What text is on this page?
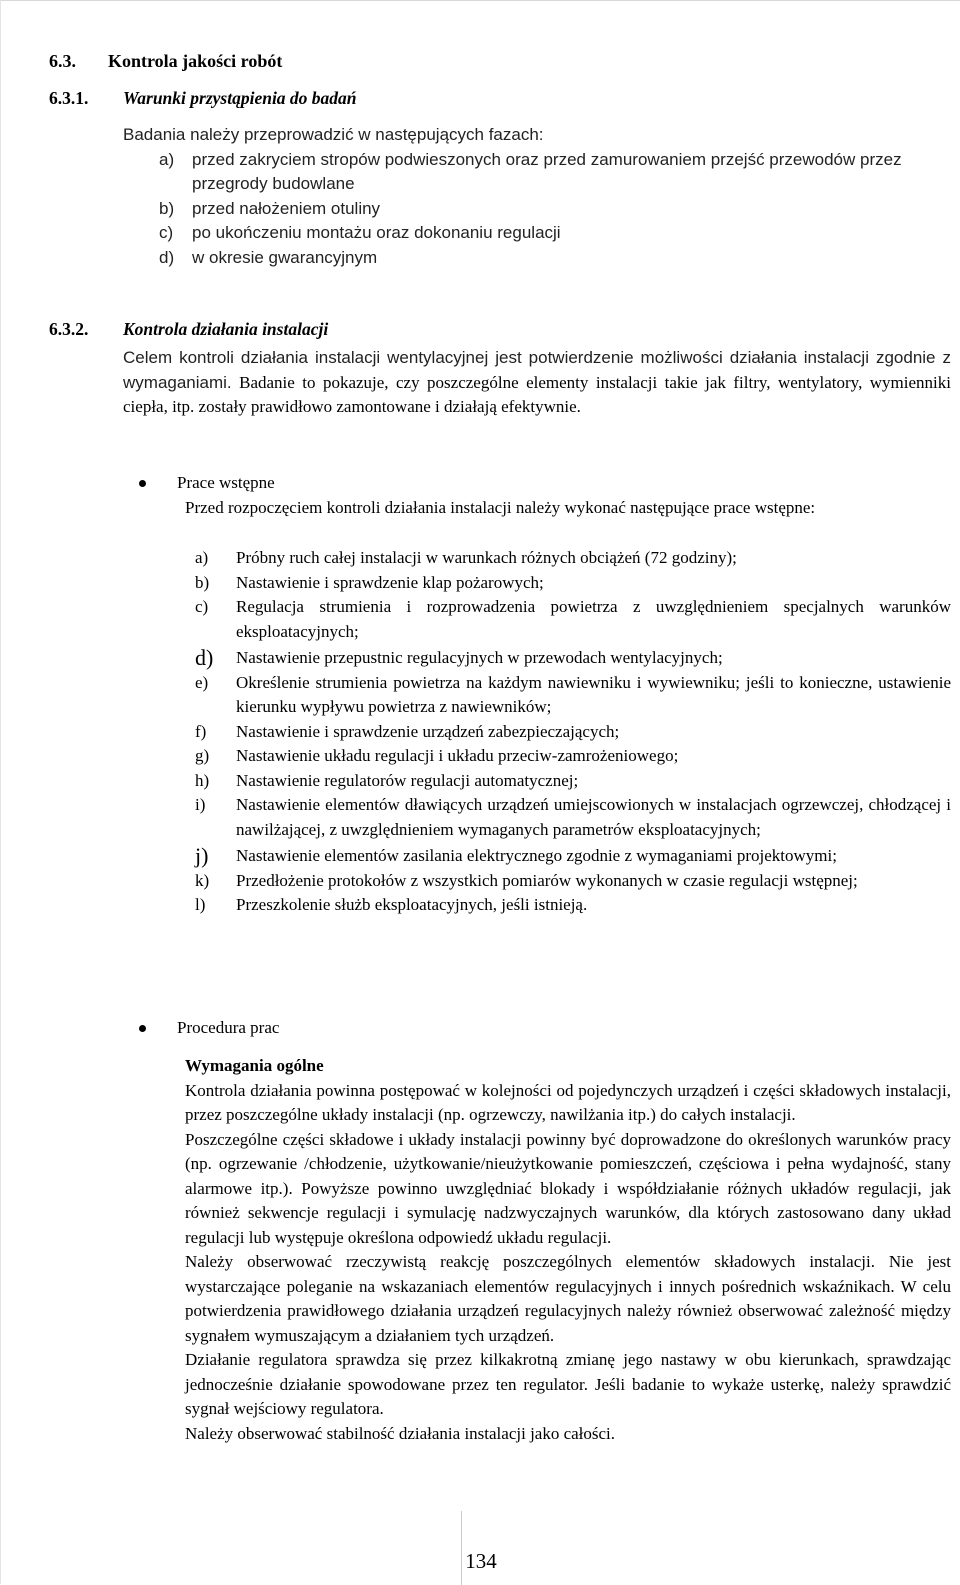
6.3. Kontrola jakości robót
6.3.1. Warunki przystąpienia do badań
Badania należy przeprowadzić w następujących fazach:
a)	przed zakryciem stropów podwieszonych oraz przed zamurowaniem przejść przewodów przez przegrody budowlane
b)	przed nałożeniem otuliny
c)	po ukończeniu montażu oraz dokonaniu regulacji
d)	w okresie gwarancyjnym
6.3.2. Kontrola działania instalacji
Celem kontroli działania instalacji wentylacyjnej jest potwierdzenie możliwości działania instalacji zgodnie z wymaganiami. Badanie to pokazuje, czy poszczególne elementy instalacji takie jak filtry, wentylatory, wymienniki ciepła, itp. zostały prawidłowo zamontowane i działają efektywnie.
Prace wstępne
Przed rozpoczęciem kontroli działania instalacji należy wykonać następujące prace wstępne:
a)	Próbny ruch całej instalacji w warunkach różnych obciążeń (72 godziny);
b)	Nastawienie i sprawdzenie klap pożarowych;
c)	Regulacja strumienia i rozprowadzenia powietrza z uwzględnieniem specjalnych warunków eksploatacyjnych;
d)	Nastawienie przepustnic regulacyjnych w przewodach wentylacyjnych;
e)	Określenie strumienia powietrza na każdym nawiewniku i wywiewniku; jeśli to konieczne, ustawienie kierunku wypływu powietrza z nawiewników;
f)	Nastawienie i sprawdzenie urządzeń zabezpieczających;
g)	Nastawienie układu regulacji i układu przeciw-zamrożeniowego;
h)	Nastawienie regulatorów regulacji automatycznej;
i)	Nastawienie elementów dławiących urządzeń umiejscowionych w instalacjach ogrzewczej, chłodzącej i nawilżającej, z uwzględnieniem wymaganych parametrów eksploatacyjnych;
j)	Nastawienie elementów zasilania elektrycznego zgodnie z wymaganiami projektowymi;
k)	Przedłożenie protokołów z wszystkich pomiarów wykonanych w czasie regulacji wstępnej;
l)	Przeszkolenie służb eksploatacyjnych, jeśli istnieją.
Procedura prac
Wymagania ogólne
Kontrola działania powinna postępować w kolejności od pojedynczych urządzeń i części składowych instalacji, przez poszczególne układy instalacji (np. ogrzewczy, nawilżania itp.) do całych instalacji.
Poszczególne części składowe i układy instalacji powinny być doprowadzone do określonych warunków pracy (np. ogrzewanie /chłodzenie, użytkowanie/nieużytkowanie pomieszczeń, częściowa i pełna wydajność, stany alarmowe itp.). Powyższe powinno uwzględniać blokady i współdziałanie różnych układów regulacji, jak również sekwencje regulacji i symulację nadzwyczajnych warunków, dla których zastosowano dany układ regulacji lub występuje określona odpowiedź układu regulacji.
Należy obserwować rzeczywistą reakcję poszczególnych elementów składowych instalacji. Nie jest wystarczające poleganie na wskazaniach elementów regulacyjnych i innych pośrednich wskaźnikach. W celu potwierdzenia prawidłowego działania urządzeń regulacyjnych należy również obserwować zależność między sygnałem wymuszającym a działaniem tych urządzeń.
Działanie regulatora sprawdza się przez kilkakrotną zmianę jego nastawy w obu kierunkach, sprawdzając jednocześnie działanie spowodowane przez ten regulator. Jeśli badanie to wykaże usterkę, należy sprawdzić sygnał wejściowy regulatora.
Należy obserwować stabilność działania instalacji jako całości.
134
